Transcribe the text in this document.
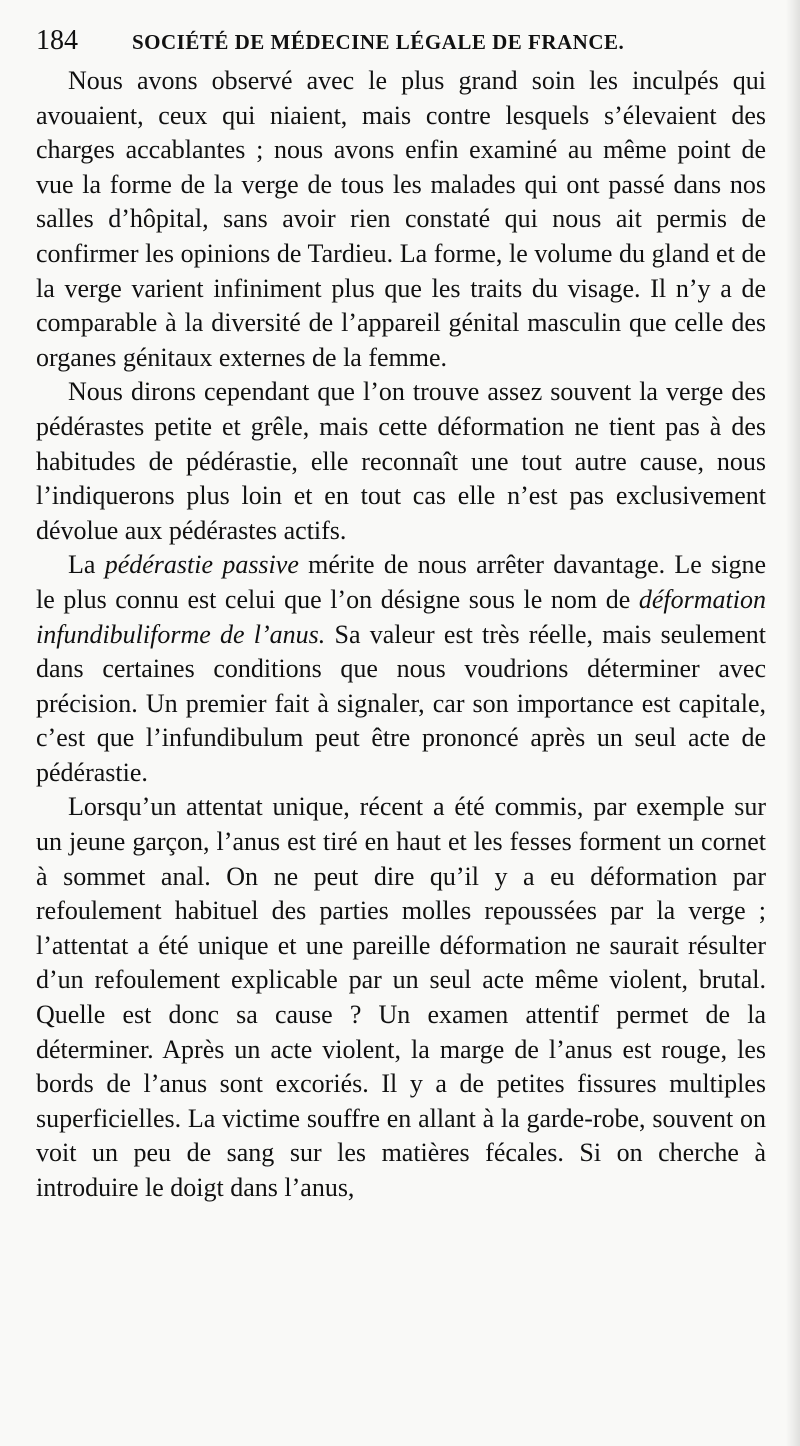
184	SOCIÉTÉ DE MÉDECINE LÉGALE DE FRANCE.

Nous avons observé avec le plus grand soin les inculpés qui avouaient, ceux qui niaient, mais contre lesquels s’élevaient des charges accablantes ; nous avons enfin examiné au même point de vue la forme de la verge de tous les malades qui ont passé dans nos salles d’hôpital, sans avoir rien constaté qui nous ait permis de confirmer les opinions de Tardieu. La forme, le volume du gland et de la verge varient infiniment plus que les traits du visage. Il n’y a de comparable à la diversité de l’appareil génital masculin que celle des organes génitaux externes de la femme.

Nous dirons cependant que l’on trouve assez souvent la verge des pédérastes petite et grêle, mais cette déformation ne tient pas à des habitudes de pédérastie, elle reconnaît une tout autre cause, nous l’indiquerons plus loin et en tout cas elle n’est pas exclusivement dévolue aux pédérastes actifs.

La pédérastie passive mérite de nous arrêter davantage. Le signe le plus connu est celui que l’on désigne sous le nom de déformation infundibuliforme de l’anus. Sa valeur est très réelle, mais seulement dans certaines conditions que nous voudrions déterminer avec précision. Un premier fait à signaler, car son importance est capitale, c’est que l’infundibulum peut être prononcé après un seul acte de pédérastie.

Lorsqu’un attentat unique, récent a été commis, par exemple sur un jeune garçon, l’anus est tiré en haut et les fesses forment un cornet à sommet anal. On ne peut dire qu’il y a eu déformation par refoulement habituel des parties molles repoussées par la verge ; l’attentat a été unique et une pareille déformation ne saurait résulter d’un refoulement explicable par un seul acte même violent, brutal. Quelle est donc sa cause ? Un examen attentif permet de la déterminer. Après un acte violent, la marge de l’anus est rouge, les bords de l’anus sont excoriés. Il y a de petites fissures multiples superficielles. La victime souffre en allant à la garde-robe, souvent on voit un peu de sang sur les matières fécales. Si on cherche à introduire le doigt dans l’anus,
